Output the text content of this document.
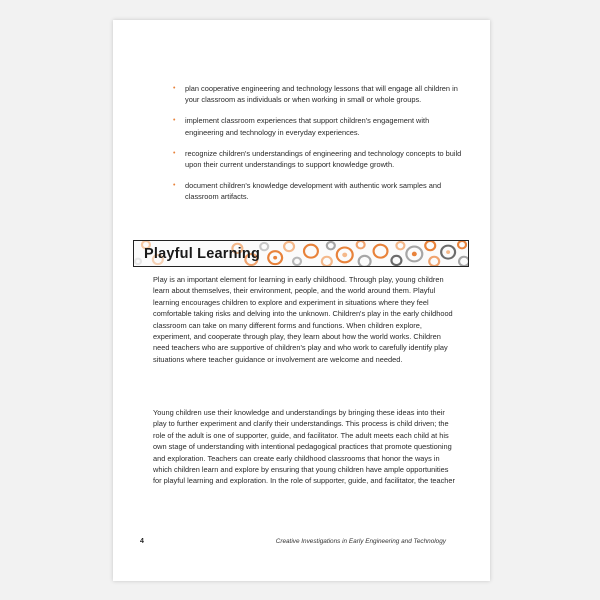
• plan cooperative engineering and technology lessons that will engage all children in your classroom as individuals or when working in small or whole groups.
• implement classroom experiences that support children's engagement with engineering and technology in everyday experiences.
• recognize children's understandings of engineering and technology concepts to build upon their current understandings to support knowledge growth.
• document children's knowledge development with authentic work samples and classroom artifacts.
Playful Learning

Play is an important element for learning in early childhood. Through play, young children learn about themselves, their environment, people, and the world around them. Playful learning encourages children to explore and experiment in situations where they feel comfortable taking risks and delving into the unknown. Children's play in the early childhood classroom can take on many different forms and functions. When children explore, experiment, and cooperate through play, they learn about how the world works. Children need teachers who are supportive of children's play and who work to carefully identify play situations where teacher guidance or involvement are welcome and needed.

Young children use their knowledge and understandings by bringing these ideas into their play to further experiment and clarify their understandings. This process is child driven; the role of the adult is one of supporter, guide, and facilitator. The adult meets each child at his own stage of understanding with intentional pedagogical practices that promote questioning and exploration. Teachers can create early childhood classrooms that honor the ways in which children learn and explore by ensuring that young children have ample opportunities for playful learning and exploration. In the role of supporter, guide, and facilitator, the teacher

4	Creative Investigations in Early Engineering and Technology
